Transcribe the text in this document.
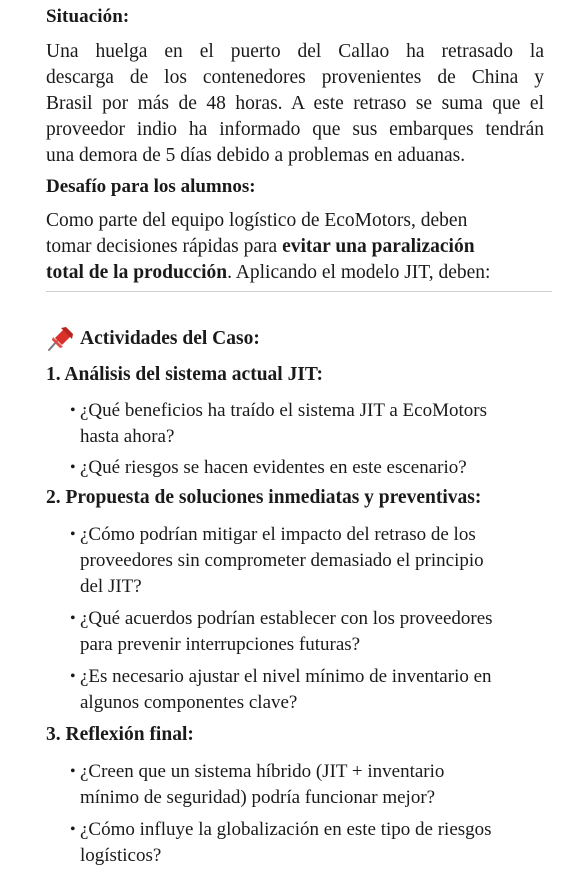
Situación:
Una huelga en el puerto del Callao ha retrasado la
descarga de los contenedores provenientes de China y
Brasil por más de 48 horas. A este retraso se suma que el
proveedor indio ha informado que sus embarques tendrán
una demora de 5 días debido a problemas en aduanas.
Desafío para los alumnos:
Como parte del equipo logístico de EcoMotors, deben
tomar decisiones rápidas para evitar una paralización
total de la producción. Aplicando el modelo JIT, deben:
Actividades del Caso:
1. Análisis del sistema actual JIT:
• ¿Qué beneficios ha traído el sistema JIT a EcoMotors
hasta ahora?
• ¿Qué riesgos se hacen evidentes en este escenario?
2. Propuesta de soluciones inmediatas y preventivas:
• ¿Cómo podrían mitigar el impacto del retraso de los
proveedores sin comprometer demasiado el principio
del JIT?
• ¿Qué acuerdos podrían establecer con los proveedores
para prevenir interrupciones futuras?
• ¿Es necesario ajustar el nivel mínimo de inventario en
algunos componentes clave?
3. Reflexión final:
• ¿Creen que un sistema híbrido (JIT + inventario
mínimo de seguridad) podría funcionar mejor?
• ¿Cómo influye la globalización en este tipo de riesgos
logísticos?
